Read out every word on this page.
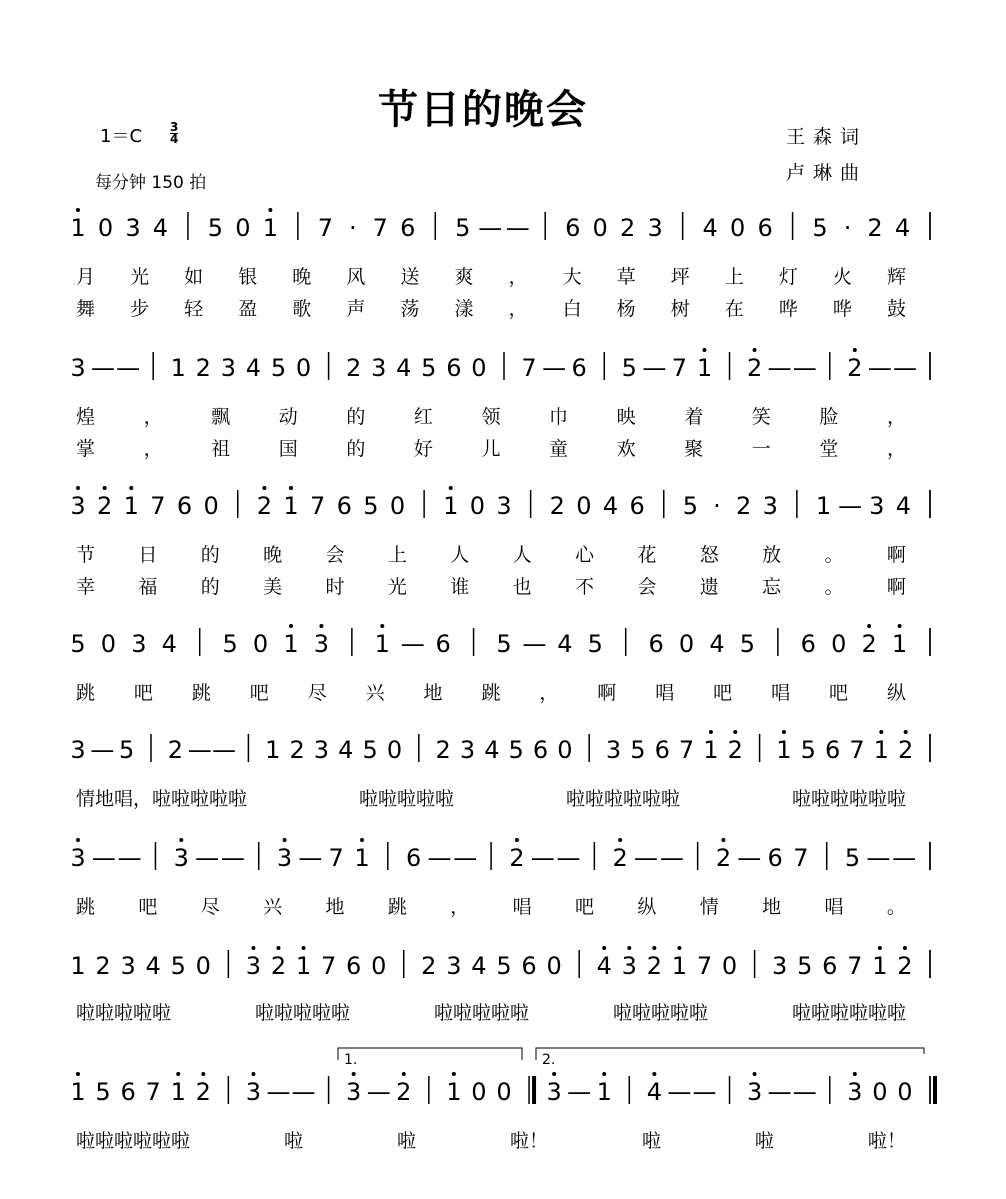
节日的晚会
1＝C 3
4
每分钟 150 拍
王森词
卢琳曲
1 0 3 4 5 0 1 7 · 7 6 5 — — 6 0 2 3 4 0 6 5 · 2 4
3 — — 1 2 3 4 5 0 2 3 4 5 6 0 7 — 6 5 — 7 1 2 — — 2 — —
3 2 1 7 6 0 2 1 7 6 5 0 1 0 3 2 0 4 6 5 · 2 3 1 — 3 4
5 0 3 4 5 0 1 3 1 — 6 5 — 4 5 6 0 4 5 6 0 2 1
3 — 5 2 — — 1 2 3 4 5 0 2 3 4 5 6 0 3 5 6 7 1 2 1 5 6 7 1 2
3 — — 3 — — 3 — 7 1 6 — — 2 — — 2 — — 2 — 6 7 5 — —
1 2 3 4 5 0 3 2 1 7 6 0 2 3 4 5 6 0 4 3 2 1 7 0 3 5 6 7 1 2
1 5 6 7 1 2 3 — — 3 — 2 1 0 0 3 — 1 4 — — 3 — — 3 0 0
1.	2.
月 光 如 银 晚 风 送 爽 ， 大 草 坪 上 灯 火 辉
舞 步 轻 盈 歌 声 荡 漾 ， 白 杨 树 在 哗 哗 鼓
煌	，	飘	动	的	红	领	巾	映	着	笑	脸	，
掌	，	祖	国	的	好	儿	童	欢	聚	一	堂	，
节 日 的 晚 会 上 人 人 心 花 怒 放 。 啊
幸 福 的 美 时 光 谁 也 不 会 遗 忘 。 啊
跳 吧 跳 吧 尽 兴 地 跳 ， 啊 唱 吧 唱 吧 纵
情地唱，啦啦啦啦啦	啦啦啦啦啦	啦啦啦啦啦啦	啦啦啦啦啦啦
跳 吧 尽 兴 地 跳 ， 唱 吧 纵 情 地 唱 。
啦啦啦啦啦	啦啦啦啦啦	啦啦啦啦啦	啦啦啦啦啦	啦啦啦啦啦啦
啦啦啦啦啦啦	啦	啦	啦！	啦	啦	啦！
